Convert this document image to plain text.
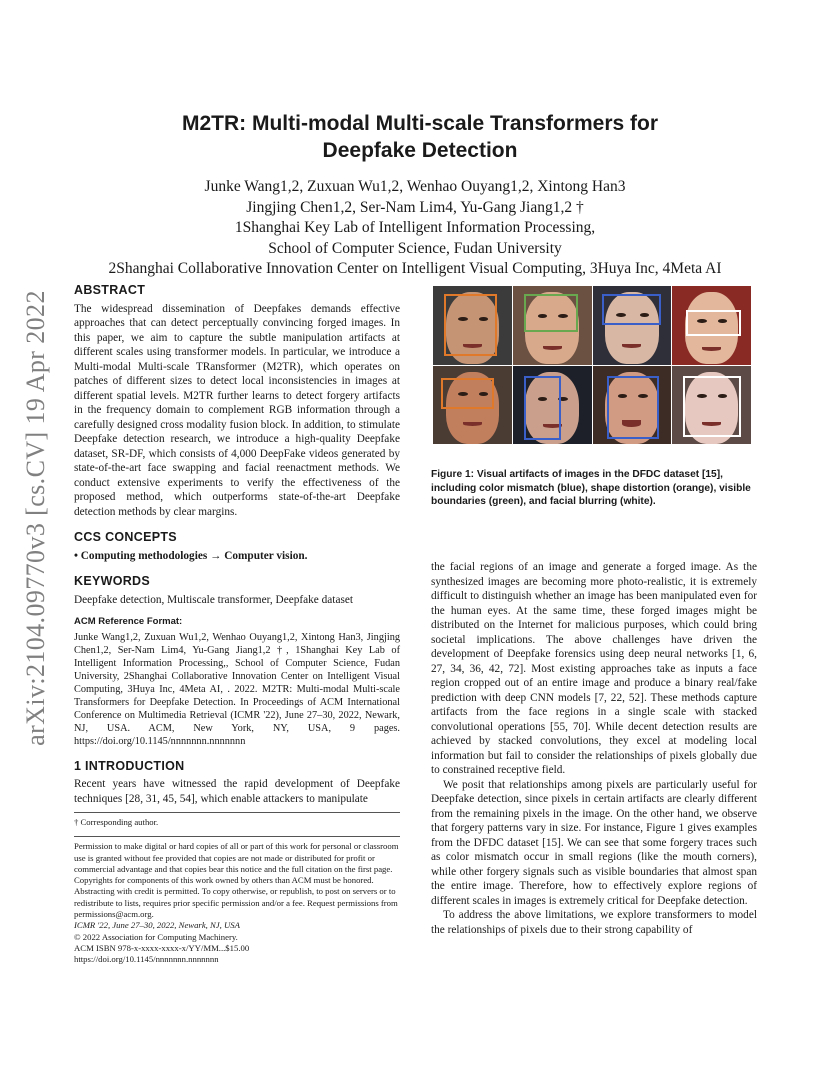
arXiv:2104.09770v3 [cs.CV] 19 Apr 2022
M2TR: Multi-modal Multi-scale Transformers for
Deepfake Detection
Junke Wang1,2, Zuxuan Wu1,2, Wenhao Ouyang1,2, Xintong Han3
Jingjing Chen1,2, Ser-Nam Lim4, Yu-Gang Jiang1,2 †
1Shanghai Key Lab of Intelligent Information Processing,
School of Computer Science, Fudan University
2Shanghai Collaborative Innovation Center on Intelligent Visual Computing, 3Huya Inc, 4Meta AI
ABSTRACT

The widespread dissemination of Deepfakes demands effective approaches that can detect perceptually convincing forged images. In this paper, we aim to capture the subtle manipulation artifacts at different scales using transformer models. In particular, we introduce a Multi-modal Multi-scale TRansformer (M2TR), which operates on patches of different sizes to detect local inconsistencies in images at different spatial levels. M2TR further learns to detect forgery artifacts in the frequency domain to complement RGB information through a carefully designed cross modality fusion block. In addition, to stimulate Deepfake detection research, we introduce a high-quality Deepfake dataset, SR-DF, which consists of 4,000 DeepFake videos generated by state-of-the-art face swapping and facial reenactment methods. We conduct extensive experiments to verify the effectiveness of the proposed method, which outperforms state-of-the-art Deepfake detection methods by clear margins.

CCS CONCEPTS

• Computing methodologies → Computer vision.

KEYWORDS

Deepfake detection, Multiscale transformer, Deepfake dataset

ACM Reference Format:

Junke Wang1,2, Zuxuan Wu1,2, Wenhao Ouyang1,2, Xintong Han3, Jingjing Chen1,2, Ser-Nam Lim4, Yu-Gang Jiang1,2 †, 1Shanghai Key Lab of Intelligent Information Processing,, School of Computer Science, Fudan University, 2Shanghai Collaborative Innovation Center on Intelligent Visual Computing, 3Huya Inc, 4Meta AI, . 2022. M2TR: Multi-modal Multi-scale Transformers for Deepfake Detection. In Proceedings of ACM International Conference on Multimedia Retrieval (ICMR '22), June 27–30, 2022, Newark, NJ, USA. ACM, New York, NY, USA, 9 pages. https://doi.org/10.1145/nnnnnnn.nnnnnnn

1 INTRODUCTION

Recent years have witnessed the rapid development of Deepfake techniques [28, 31, 45, 54], which enable attackers to manipulate

† Corresponding author.
Permission to make digital or hard copies of all or part of this work for personal or classroom use is granted without fee provided that copies are not made or distributed for profit or commercial advantage and that copies bear this notice and the full citation on the first page. Copyrights for components of this work owned by others than ACM must be honored. Abstracting with credit is permitted. To copy otherwise, or republish, to post on servers or to redistribute to lists, requires prior specific permission and/or a fee. Request permissions from permissions@acm.org.
ICMR '22, June 27–30, 2022, Newark, NJ, USA
© 2022 Association for Computing Machinery.
ACM ISBN 978-x-xxxx-xxxx-x/YY/MM...$15.00
https://doi.org/10.1145/nnnnnnn.nnnnnnn
Figure 1: Visual artifacts of images in the DFDC dataset [15], including color mismatch (blue), shape distortion (orange), visible boundaries (green), and facial blurring (white).

the facial regions of an image and generate a forged image. As the synthesized images are becoming more photo-realistic, it is extremely difficult to distinguish whether an image has been manipulated even for the human eyes. At the same time, these forged images might be distributed on the Internet for malicious purposes, which could bring societal implications. The above challenges have driven the development of Deepfake forensics using deep neural networks [1, 6, 27, 34, 36, 42, 72]. Most existing approaches take as inputs a face region cropped out of an entire image and produce a binary real/fake prediction with deep CNN models [7, 22, 52]. These methods capture artifacts from the face regions in a single scale with stacked convolutional operations [55, 70]. While decent detection results are achieved by stacked convolutions, they excel at modeling local information but fail to consider the relationships of pixels globally due to constrained receptive field.

We posit that relationships among pixels are particularly useful for Deepfake detection, since pixels in certain artifacts are clearly different from the remaining pixels in the image. On the other hand, we observe that forgery patterns vary in size. For instance, Figure 1 gives examples from the DFDC dataset [15]. We can see that some forgery traces such as color mismatch occur in small regions (like the mouth corners), while other forgery signals such as visible boundaries that almost span the entire image. Therefore, how to effectively explore regions of different scales in images is extremely critical for Deepfake detection.

To address the above limitations, we explore transformers to model the relationships of pixels due to their strong capability of
